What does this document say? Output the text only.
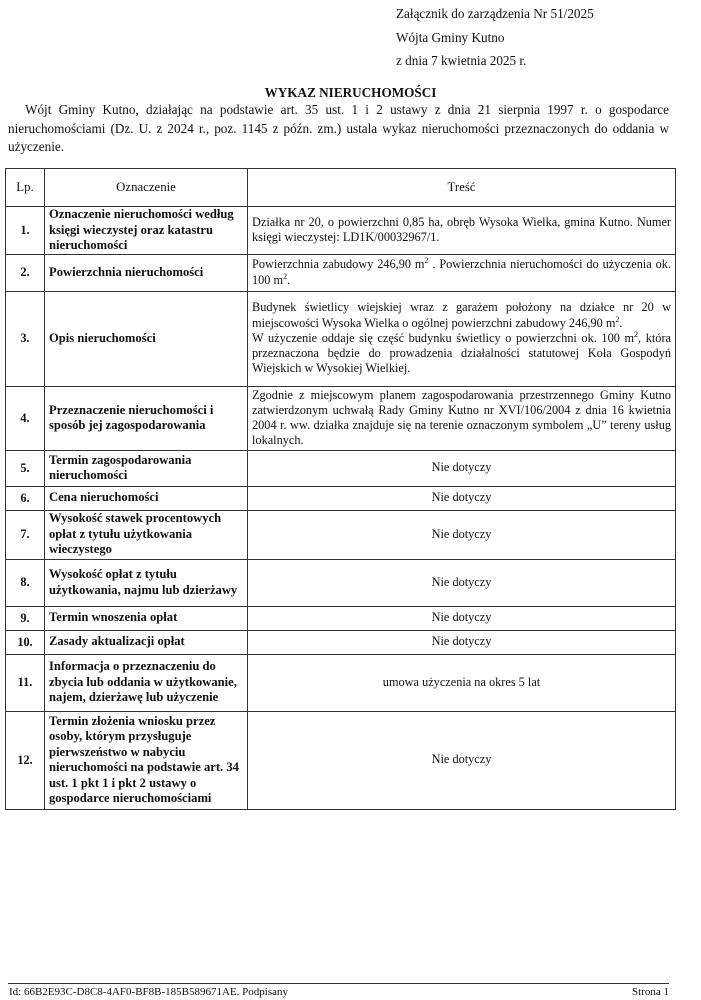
Załącznik do zarządzenia Nr 51/2025
Wójta Gminy Kutno
z dnia 7 kwietnia 2025 r.
WYKAZ NIERUCHOMOŚCI
Wójt Gminy Kutno, działając na podstawie art. 35 ust. 1 i 2 ustawy z dnia 21 sierpnia 1997 r. o gospodarce nieruchomościami (Dz. U. z 2024 r., poz. 1145 z późn. zm.) ustala wykaz nieruchomości przeznaczonych do oddania w użyczenie.
Lp.	Oznaczenie	Treść
1.	Oznaczenie nieruchomości według księgi wieczystej oraz katastru nieruchomości	Działka nr 20, o powierzchni 0,85 ha, obręb Wysoka Wielka, gmina Kutno. Numer księgi wieczystej: LD1K/00032967/1.
2.	Powierzchnia nieruchomości	Powierzchnia zabudowy 246,90 $m^2$ . Powierzchnia nieruchomości do użyczenia ok. 100 $m^2$.
3.	Opis nieruchomości	Budynek świetlicy wiejskiej wraz z garażem położony na działce nr 20 w miejscowości Wysoka Wielka o ogólnej powierzchni zabudowy 246,90 $m^2$.

W użyczenie oddaje się część budynku świetlicy o powierzchni ok. 100 $m^2$, która przeznaczona będzie do prowadzenia działalności statutowej Koła Gospodyń Wiejskich w Wysokiej Wielkiej.

4.	Przeznaczenie nieruchomości i sposób jej zagospodarowania	Zgodnie z miejscowym planem zagospodarowania przestrzennego Gminy Kutno zatwierdzonym uchwałą Rady Gminy Kutno nr XVI/106/2004 z dnia 16 kwietnia 2004 r. ww. działka znajduje się na terenie oznaczonym symbolem „U” tereny usług lokalnych.
5.	Termin zagospodarowania nieruchomości	Nie dotyczy
6.	Cena nieruchomości	Nie dotyczy
7.	Wysokość stawek procentowych opłat z tytułu użytkowania wieczystego	Nie dotyczy
8.	Wysokość opłat z tytułu użytkowania, najmu lub dzierżawy	Nie dotyczy
9.	Termin wnoszenia opłat	Nie dotyczy
10.	Zasady aktualizacji opłat	Nie dotyczy
11.	Informacja o przeznaczeniu do zbycia lub oddania w użytkowanie, najem, dzierżawę lub użyczenie	umowa użyczenia na okres 5 lat
12.	Termin złożenia wniosku przez osoby, którym przysługuje pierwszeństwo w nabyciu nieruchomości na podstawie art. 34 ust. 1 pkt 1 i pkt 2 ustawy o gospodarce nieruchomościami	Nie dotyczy
Id: 66B2E93C-D8C8-4AF0-BF8B-185B589671AE. Podpisany	Strona 1
